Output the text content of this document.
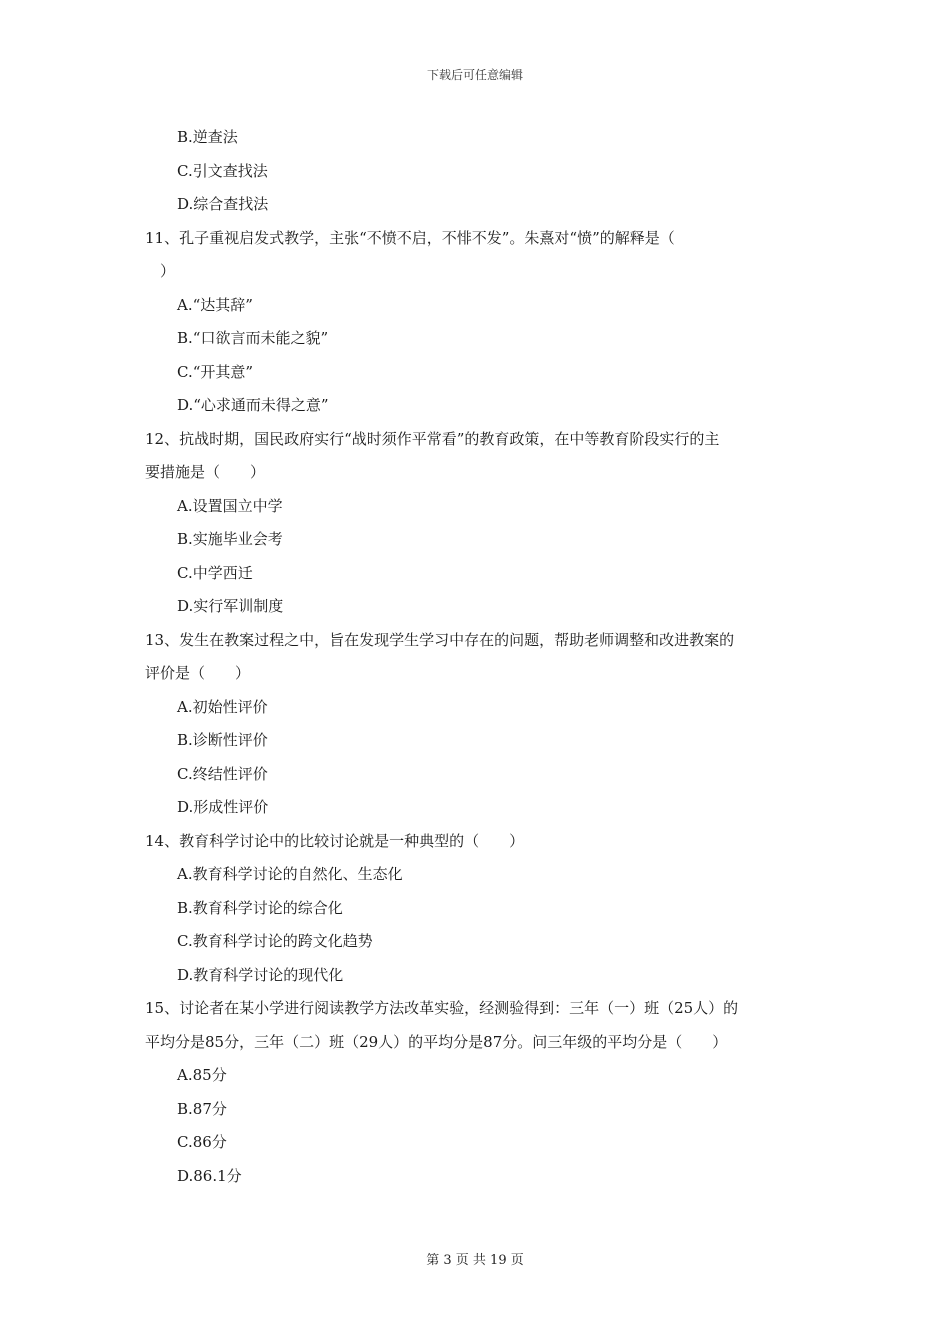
下载后可任意编辑
B.逆查法
C.引文查找法
D.综合查找法
11、孔子重视启发式教学，主张“不愤不启，不悱不发”。朱熹对“愤”的解释是（
　）
A.“达其辞”
B.“口欲言而未能之貌”
C.“开其意”
D.“心求通而未得之意”
12、抗战时期，国民政府实行“战时须作平常看”的教育政策，在中等教育阶段实行的主
要措施是（　　）
A.设置国立中学
B.实施毕业会考
C.中学西迁
D.实行军训制度
13、发生在教案过程之中，旨在发现学生学习中存在的问题，帮助老师调整和改进教案的
评价是（　　）
A.初始性评价
B.诊断性评价
C.终结性评价
D.形成性评价
14、教育科学讨论中的比较讨论就是一种典型的（　　）
A.教育科学讨论的自然化、生态化
B.教育科学讨论的综合化
C.教育科学讨论的跨文化趋势
D.教育科学讨论的现代化
15、讨论者在某小学进行阅读教学方法改革实验，经测验得到：三年（一）班（25人）的
平均分是85分，三年（二）班（29人）的平均分是87分。问三年级的平均分是（　　）
A.85分
B.87分
C.86分
D.86.1分
第 3 页 共 19 页
